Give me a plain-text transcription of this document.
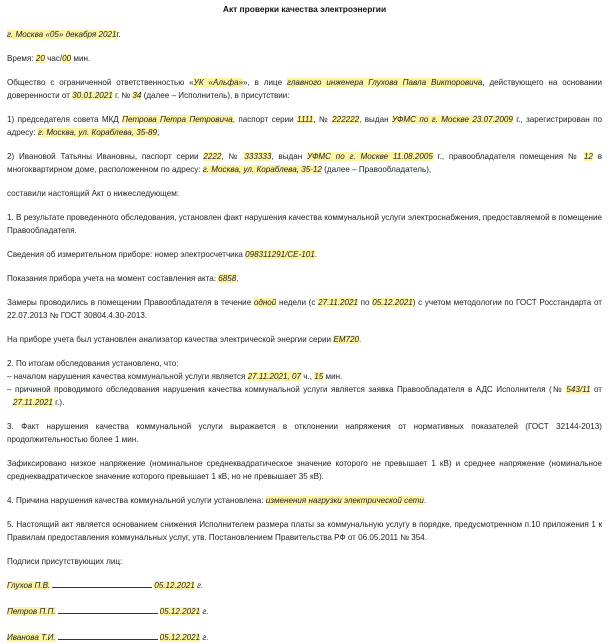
Акт проверки качества электроэнергии

г. Москва «05» декабря 2021г.

Время: 20 час/00 мин.

Общество с ограниченной ответственностью «УК «Альфа»», в лице главного инженера Глухова Павла Викторовича, действующего на основании доверенности от 30.01.2021 г. № 34 (далее – Исполнитель), в присутствии:

1) председателя совета МКД Петрова Петра Петровича, паспорт серии 1111, № 222222, выдан УФМС по г. Москве 23.07.2009 г., зарегистрирован по адресу: г. Москва, ул. Кораблева, 35-89;

2) Ивановой Татьяны Ивановны, паспорт серии 2222, № 333333, выдан УФМС по г. Москве 11.08.2005 г., правообладателя помещения № 12 в многоквартирном доме, расположенном по адресу: г. Москва, ул. Кораблева, 35-12 (далее – Правообладатель),

составили настоящий Акт о нижеследующем:

1. В результате проведенного обследования, установлен факт нарушения качества коммунальной услуги электроснабжения, предоставляемой в помещение Правообладателя.

Сведения об измерительном приборе: номер электросчетчика 098311291/CE-101.

Показания прибора учета на момент составления акта: 6858.

Замеры проводились в помещении Правообладателя в течение одной недели (с 27.11.2021 по 05.12.2021) с учетом методологии по ГОСТ Росстандарта от 22.07.2013 № ГОСТ 30804.4.30-2013.

На приборе учета был установлен анализатор качества электрической энергии серии ЕМ720.

2. По итогам обследования установлено, что:

– началом нарушения качества коммунальной услуги является 27.11.2021, 07 ч., 15 мин.

– причиной проводимого обследования нарушения качества коммунальной услуги является заявка Правообладателя в АДС Исполнителя (№ 543/11 от 27.11.2021 г.).

3. Факт нарушения качества коммунальной услуги выражается в отклонении напряжения от нормативных показателей (ГОСТ 32144-2013) продолжительностью более 1 мин.

Зафиксировано низкое напряжение (номинальное среднеквадратическое значение которого не превышает 1 кВ) и среднее напряжение (номинальное среднеквадратическое значение которого превышает 1 кВ, но не превышает 35 кВ).

4. Причина нарушения качества коммунальной услуги установлена: изменения нагрузки электрической сети.

5. Настоящий акт является основанием снижения Исполнителем размера платы за коммунальную услугу в порядке, предусмотренном п.10 приложения 1 к Правилам предоставления коммунальных услуг, утв. Постановлением Правительства РФ от 06.05.2011 № 354.

Подписи присутствующих лиц:

Глухов П.В.	05.12.2021 г.

Петров П.П.	05.12.2021 г.

Иванова Т.И.	05.12.2021 г.
